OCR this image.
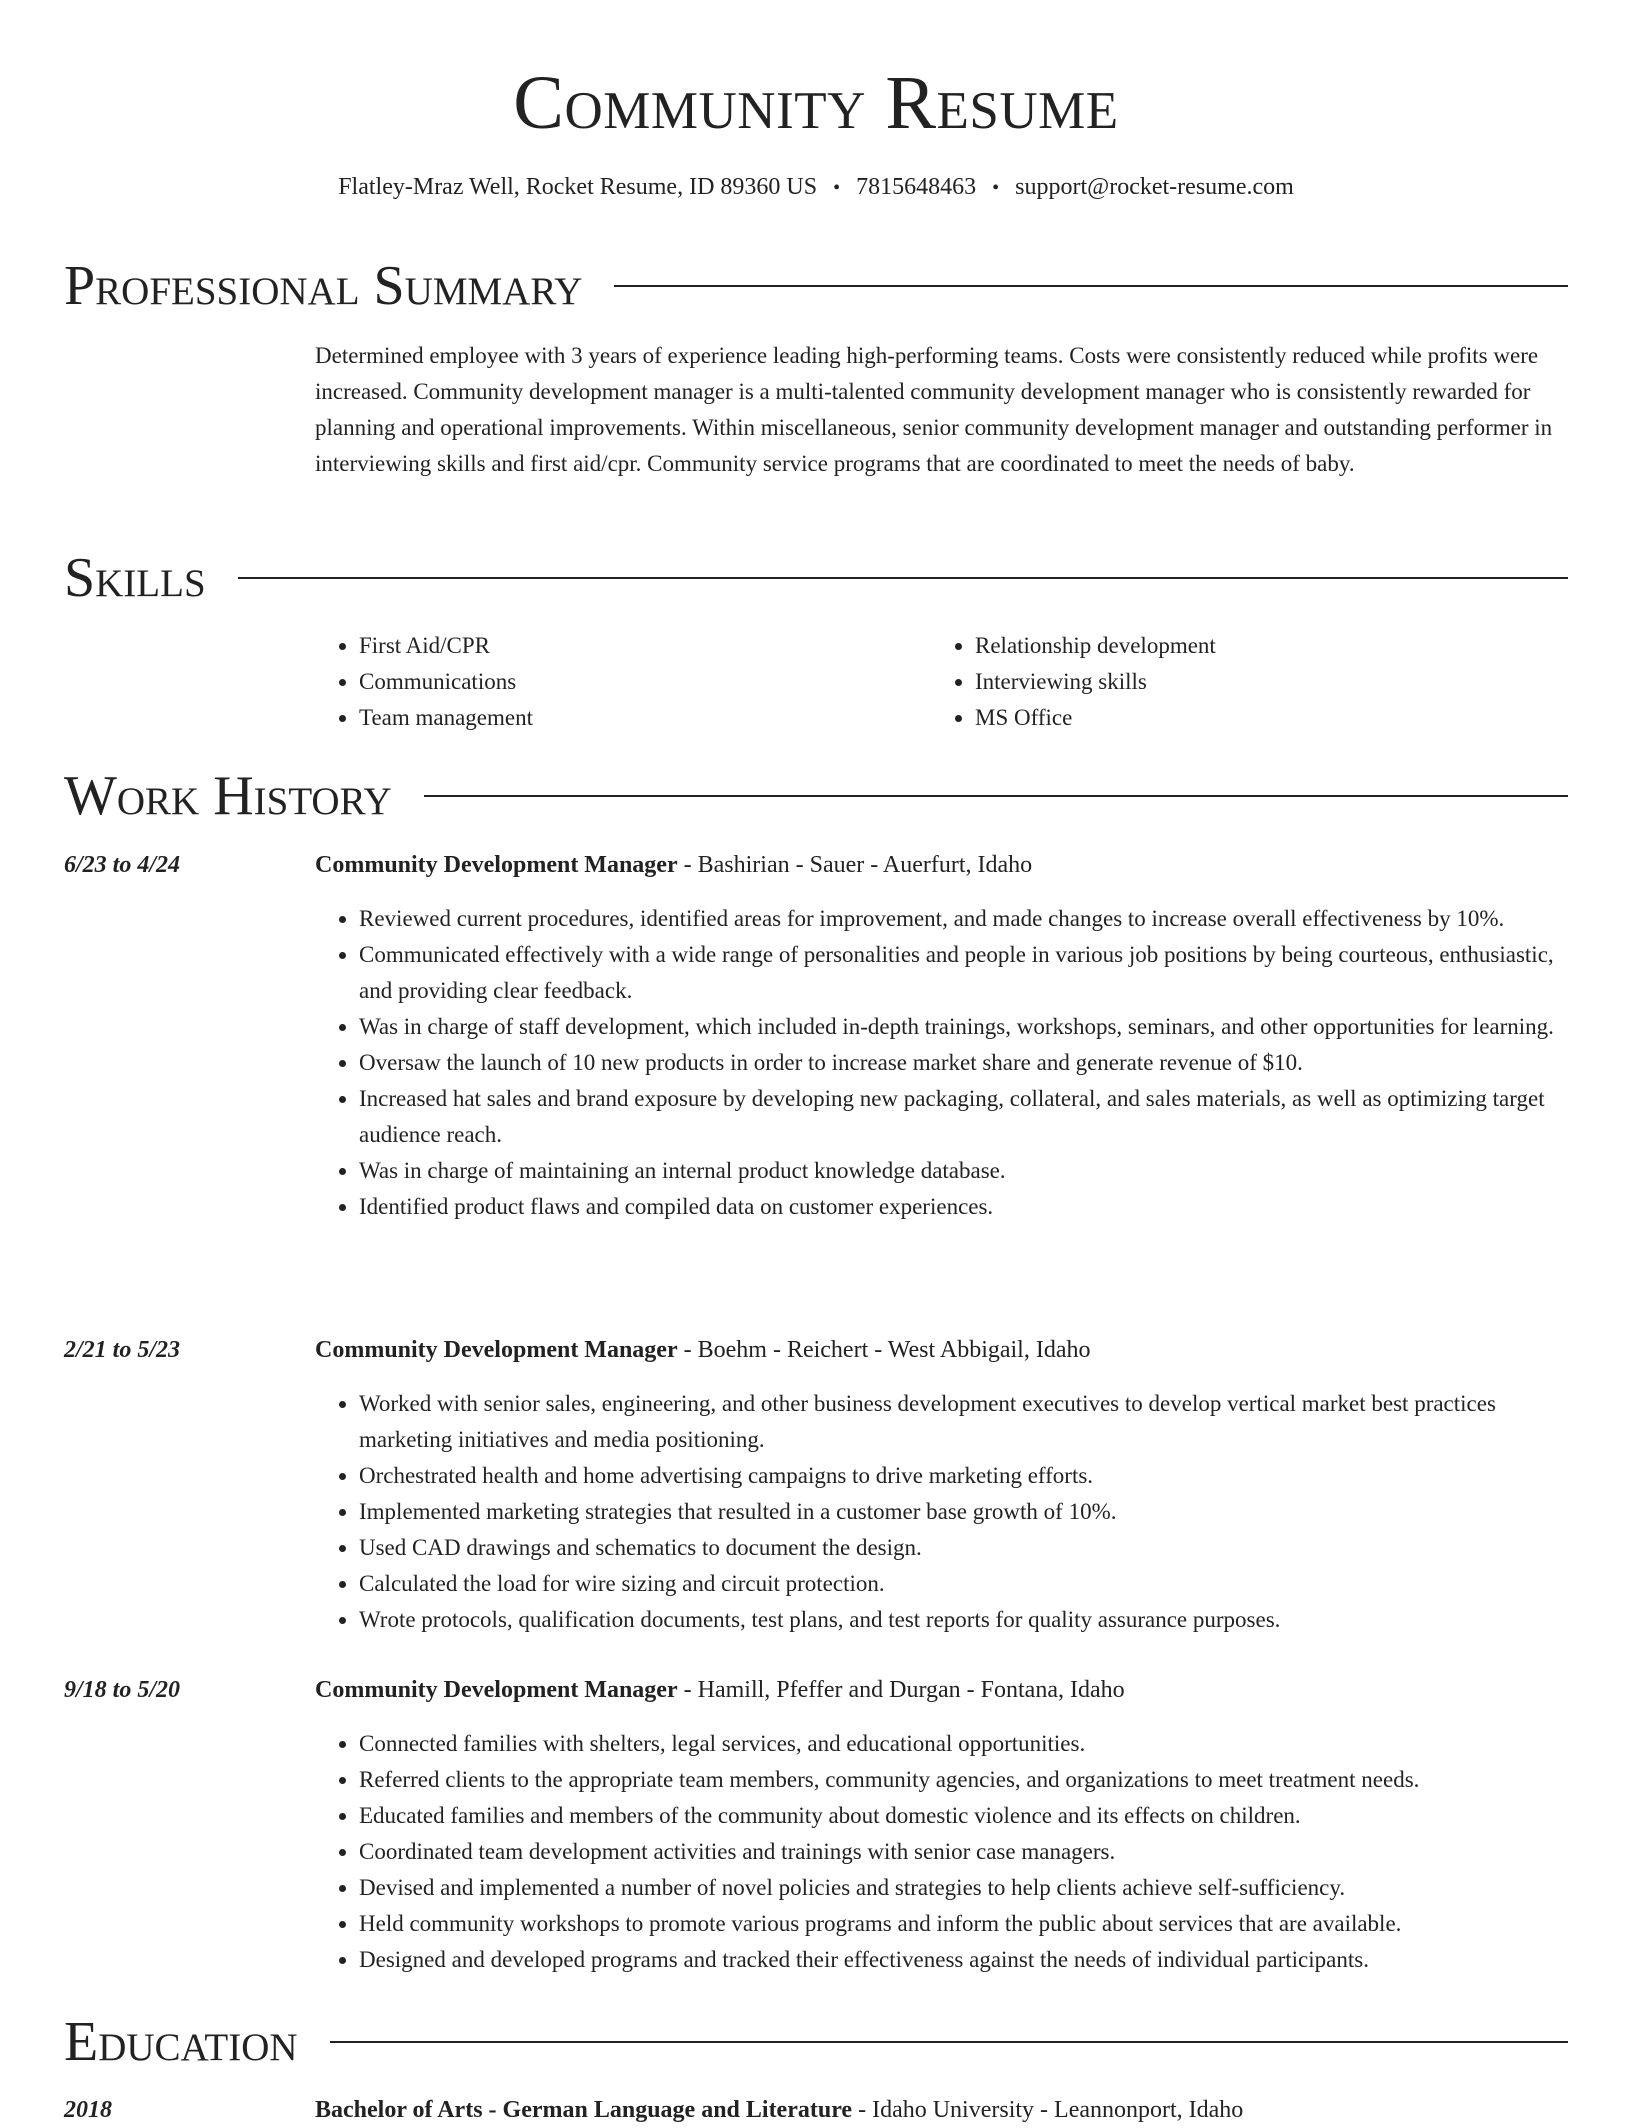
Community Resume
Flatley-Mraz Well, Rocket Resume, ID 89360 US • 7815648463 • support@rocket-resume.com
Professional Summary

Determined employee with 3 years of experience leading high-performing teams. Costs were consistently reduced while profits were increased. Community development manager is a multi-talented community development manager who is consistently rewarded for planning and operational improvements. Within miscellaneous, senior community development manager and outstanding performer in interviewing skills and first aid/cpr. Community service programs that are coordinated to meet the needs of baby.

Skills
• First Aid/CPR
• Communications
• Team management
• Relationship development
• Interviewing skills
• MS Office
Work History
6/23 to 4/24	Community Development Manager - Bashirian - Sauer - Auerfurt, Idaho

• Reviewed current procedures, identified areas for improvement, and made changes to increase overall effectiveness by 10%.
• Communicated effectively with a wide range of personalities and people in various job positions by being courteous, enthusiastic, and providing clear feedback.
• Was in charge of staff development, which included in-depth trainings, workshops, seminars, and other opportunities for learning.
• Oversaw the launch of 10 new products in order to increase market share and generate revenue of $10.
• Increased hat sales and brand exposure by developing new packaging, collateral, and sales materials, as well as optimizing target audience reach.
• Was in charge of maintaining an internal product knowledge database.
• Identified product flaws and compiled data on customer experiences.
2/21 to 5/23	Community Development Manager - Boehm - Reichert - West Abbigail, Idaho

• Worked with senior sales, engineering, and other business development executives to develop vertical market best practices marketing initiatives and media positioning.
• Orchestrated health and home advertising campaigns to drive marketing efforts.
• Implemented marketing strategies that resulted in a customer base growth of 10%.
• Used CAD drawings and schematics to document the design.
• Calculated the load for wire sizing and circuit protection.
• Wrote protocols, qualification documents, test plans, and test reports for quality assurance purposes.
9/18 to 5/20	Community Development Manager - Hamill, Pfeffer and Durgan - Fontana, Idaho

• Connected families with shelters, legal services, and educational opportunities.
• Referred clients to the appropriate team members, community agencies, and organizations to meet treatment needs.
• Educated families and members of the community about domestic violence and its effects on children.
• Coordinated team development activities and trainings with senior case managers.
• Devised and implemented a number of novel policies and strategies to help clients achieve self-sufficiency.
• Held community workshops to promote various programs and inform the public about services that are available.
• Designed and developed programs and tracked their effectiveness against the needs of individual participants.
Education
2018	Bachelor of Arts - German Language and Literature - Idaho University - Leannonport, Idaho
